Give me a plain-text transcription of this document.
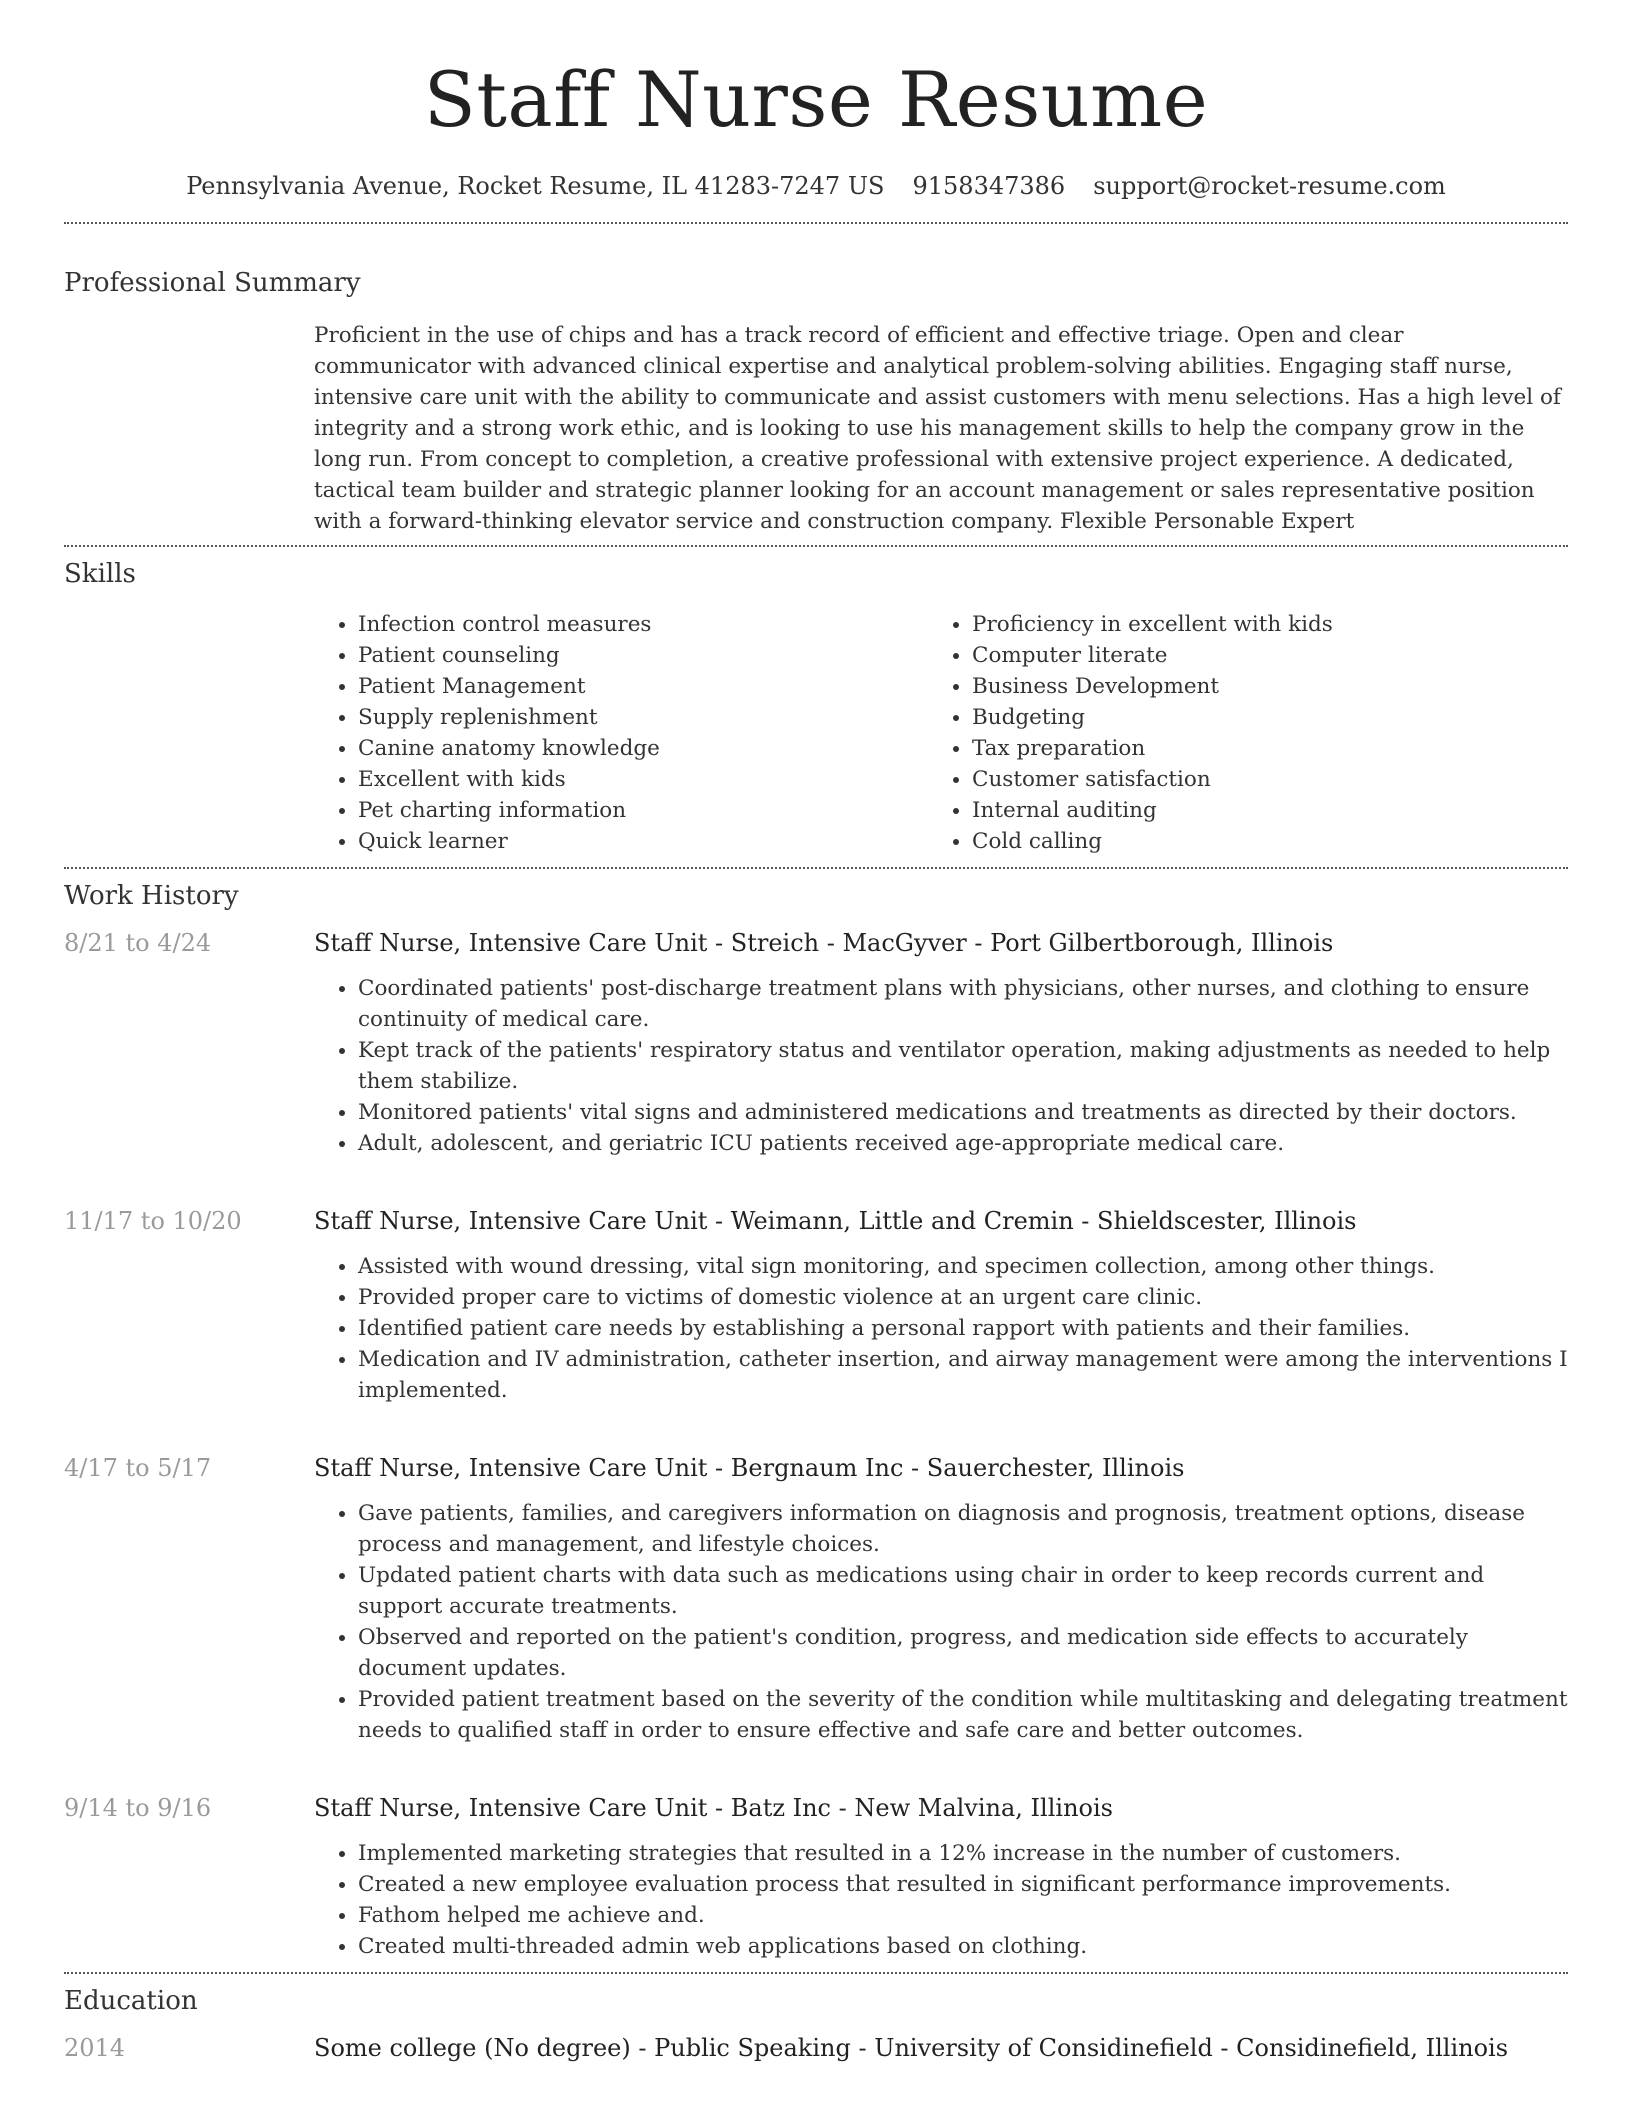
Staff Nurse Resume
Pennsylvania Avenue, Rocket Resume, IL 41283-7247 US 9158347386 support@rocket-resume.com
Professional Summary

Proficient in the use of chips and has a track record of efficient and effective triage. Open and clear communicator with advanced clinical expertise and analytical problem-solving abilities. Engaging staff nurse, intensive care unit with the ability to communicate and assist customers with menu selections. Has a high level of integrity and a strong work ethic, and is looking to use his management skills to help the company grow in the long run. From concept to completion, a creative professional with extensive project experience. A dedicated, tactical team builder and strategic planner looking for an account management or sales representative position with a forward-thinking elevator service and construction company. Flexible Personable Expert

Skills
• Infection control measures
• Patient counseling
• Patient Management
• Supply replenishment
• Canine anatomy knowledge
• Excellent with kids
• Pet charting information
• Quick learner
• Proficiency in excellent with kids
• Computer literate
• Business Development
• Budgeting
• Tax preparation
• Customer satisfaction
• Internal auditing
• Cold calling
Work History
8/21 to 4/24	Staff Nurse, Intensive Care Unit - Streich - MacGyver - Port Gilbertborough, Illinois
• Coordinated patients' post-discharge treatment plans with physicians, other nurses, and clothing to ensure continuity of medical care.
• Kept track of the patients' respiratory status and ventilator operation, making adjustments as needed to help them stabilize.
• Monitored patients' vital signs and administered medications and treatments as directed by their doctors.
• Adult, adolescent, and geriatric ICU patients received age-appropriate medical care.
11/17 to 10/20	Staff Nurse, Intensive Care Unit - Weimann, Little and Cremin - Shieldscester, Illinois
• Assisted with wound dressing, vital sign monitoring, and specimen collection, among other things.
• Provided proper care to victims of domestic violence at an urgent care clinic.
• Identified patient care needs by establishing a personal rapport with patients and their families.
• Medication and IV administration, catheter insertion, and airway management were among the interventions I implemented.
4/17 to 5/17	Staff Nurse, Intensive Care Unit - Bergnaum Inc - Sauerchester, Illinois
• Gave patients, families, and caregivers information on diagnosis and prognosis, treatment options, disease process and management, and lifestyle choices.
• Updated patient charts with data such as medications using chair in order to keep records current and support accurate treatments.
• Observed and reported on the patient's condition, progress, and medication side effects to accurately document updates.
• Provided patient treatment based on the severity of the condition while multitasking and delegating treatment needs to qualified staff in order to ensure effective and safe care and better outcomes.
9/14 to 9/16	Staff Nurse, Intensive Care Unit - Batz Inc - New Malvina, Illinois
• Implemented marketing strategies that resulted in a 12% increase in the number of customers.
• Created a new employee evaluation process that resulted in significant performance improvements.
• Fathom helped me achieve and.
• Created multi-threaded admin web applications based on clothing.
Education
2014	Some college (No degree) - Public Speaking - University of Considinefield - Considinefield, Illinois
